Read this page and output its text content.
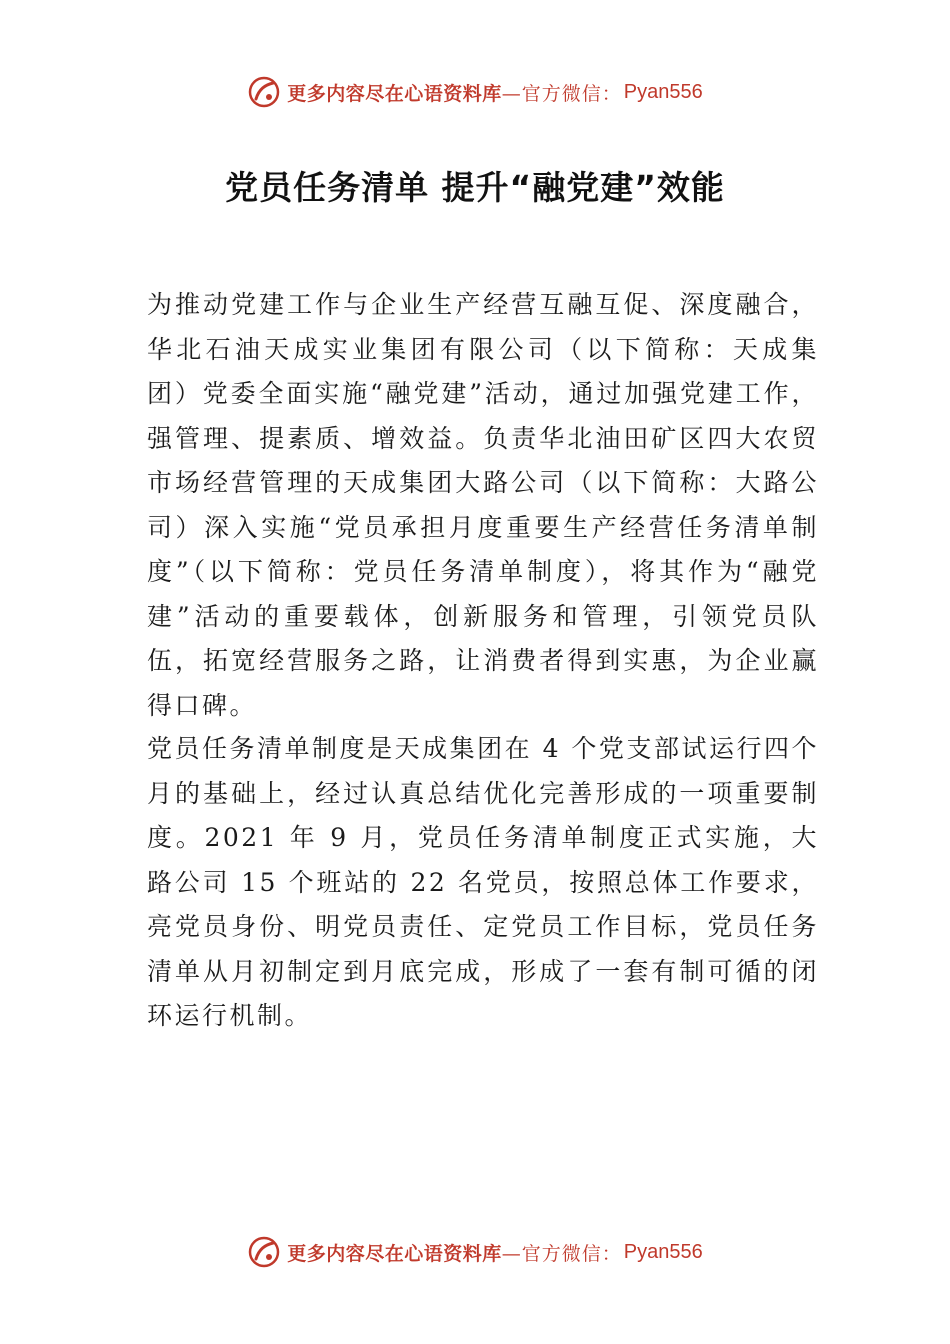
更多内容尽在心语资料库 —官方微信： Pyan556
党员任务清单 提升“融党建”效能

为推动党建工作与企业生产经营互融互促、深度融合，华北石油天成实业集团有限公司（以下简称：天成集团）党委全面实施“融党建”活动，通过加强党建工作，强管理、提素质、增效益。负责华北油田矿区四大农贸市场经营管理的天成集团大路公司（以下简称：大路公司）深入实施“党员承担月度重要生产经营任务清单制度”（以下简称：党员任务清单制度），将其作为“融党建”活动的重要载体，创新服务和管理，引领党员队伍，拓宽经营服务之路，让消费者得到实惠，为企业赢得口碑。

党员任务清单制度是天成集团在 4 个党支部试运行四个月的基础上，经过认真总结优化完善形成的一项重要制度。2021 年 9 月，党员任务清单制度正式实施，大路公司 15 个班站的 22 名党员，按照总体工作要求，亮党员身份、明党员责任、定党员工作目标，党员任务清单从月初制定到月底完成，形成了一套有制可循的闭环运行机制。

更多内容尽在心语资料库 —官方微信： Pyan556
